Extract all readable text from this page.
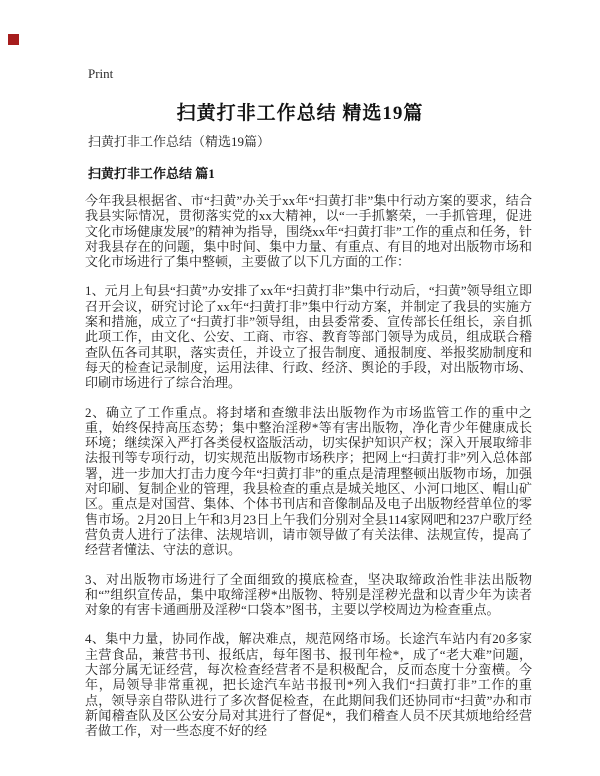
Print
扫黄打非工作总结 精选19篇

扫黄打非工作总结（精选19篇）

扫黄打非工作总结 篇1

今年我县根据省、市“扫黄”办关于xx年“扫黄打非”集中行动方案的要求，结合我县实际情况，贯彻落实党的xx大精神，以“一手抓繁荣，一手抓管理，促进文化市场健康发展”的精神为指导，围绕xx年“扫黄打非”工作的重点和任务，针对我县存在的问题，集中时间、集中力量、有重点、有目的地对出版物市场和文化市场进行了集中整顿，主要做了以下几方面的工作：

1、元月上旬县“扫黄”办安排了xx年“扫黄打非”集中行动后，“扫黄”领导组立即召开会议，研究讨论了xx年“扫黄打非”集中行动方案，并制定了我县的实施方案和措施，成立了“扫黄打非”领导组，由县委常委、宣传部长任组长，亲自抓此项工作，由文化、公安、工商、市容、教育等部门领导为成员，组成联合稽查队伍各司其职，落实责任，并设立了报告制度、通报制度、举报奖励制度和每天的检查记录制度，运用法律、行政、经济、舆论的手段，对出版物市场、印刷市场进行了综合治理。

2、确立了工作重点。将封堵和查缴非法出版物作为市场监管工作的重中之重，始终保持高压态势；集中整治淫秽*等有害出版物，净化青少年健康成长环境；继续深入严打各类侵权盗版活动，切实保护知识产权；深入开展取缔非法报刊等专项行动，切实规范出版物市场秩序；把网上“扫黄打非”列入总体部署，进一步加大打击力度今年“扫黄打非”的重点是清理整顿出版物市场，加强对印刷、复制企业的管理，我县检查的重点是城关地区、小河口地区、帽山矿区。重点是对国营、集体、个体书刊店和音像制品及电子出版物经营单位的零售市场。2月20日上午和3月23日上午我们分别对全县114家网吧和237户歌厅经营负责人进行了法律、法规培训，请市领导做了有关法律、法规宣传，提高了经营者懂法、守法的意识。

3、对出版物市场进行了全面细致的摸底检查，坚决取缔政治性非法出版物和“”组织宣传品，集中取缔淫秽*出版物、特别是淫秽光盘和以青少年为读者对象的有害卡通画册及淫秽“口袋本”图书，主要以学校周边为检查重点。

4、集中力量，协同作战，解决难点，规范网络市场。长途汽车站内有20多家主营食品，兼营书刊、报纸店，每年图书、报刊年检*，成了“老大难”问题，大部分属无证经营，每次检查经营者不是积极配合，反而态度十分蛮横。今年，局领导非常重视，把长途汽车站书报刊*列入我们“扫黄打非”工作的重点，领导亲自带队进行了多次督促检查，在此期间我们还协同市“扫黄”办和市新闻稽查队及区公安分局对其进行了督促*，我们稽查人员不厌其烦地给经营者做工作，对一些态度不好的经
